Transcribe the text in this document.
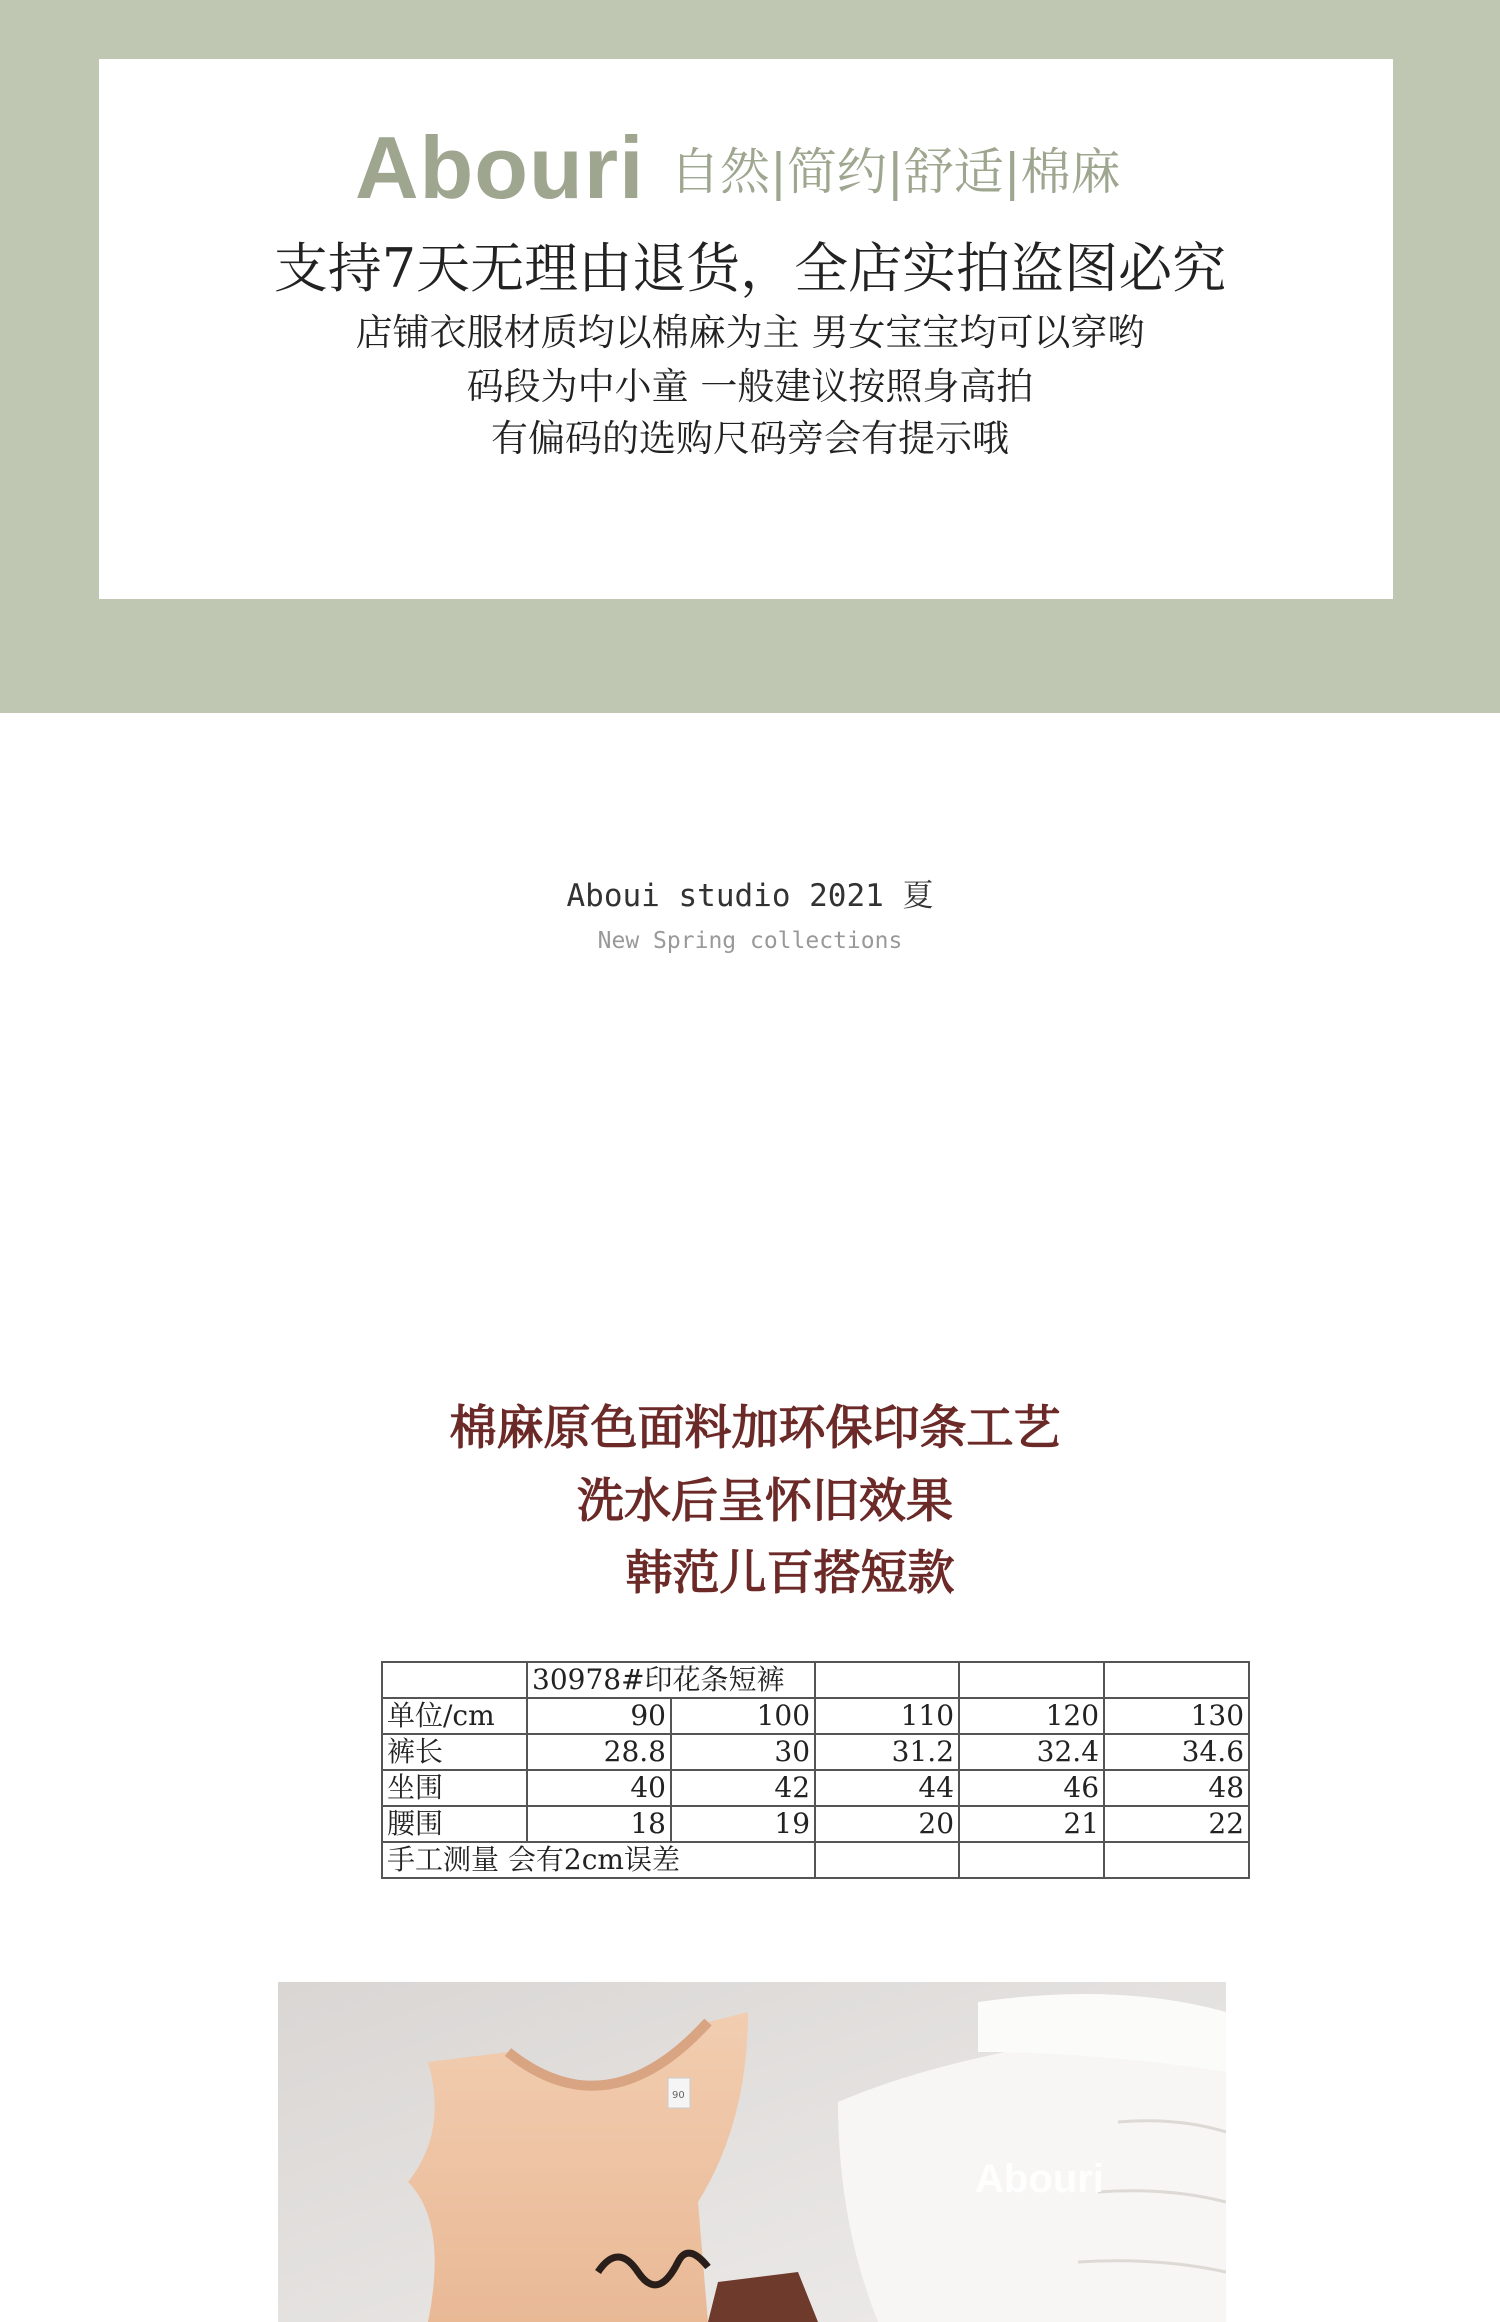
Abouri 自然|简约|舒适|棉麻
支持7天无理由退货，全店实拍盗图必究
店铺衣服材质均以棉麻为主 男女宝宝均可以穿哟
码段为中小童 一般建议按照身高拍
有偏码的选购尺码旁会有提示哦
Aboui studio 2021 夏
New Spring collections
棉麻原色面料加环保印条工艺
洗水后呈怀旧效果
韩范儿百搭短款
	30978#印花条短裤				
单位/cm	90	100	110	120	130
裤长	28.8	30	31.2	32.4	34.6
坐围	40	42	44	46	48
腰围	18	19	20	21	22
手工测量 会有2cm误差					
90
Abouri
